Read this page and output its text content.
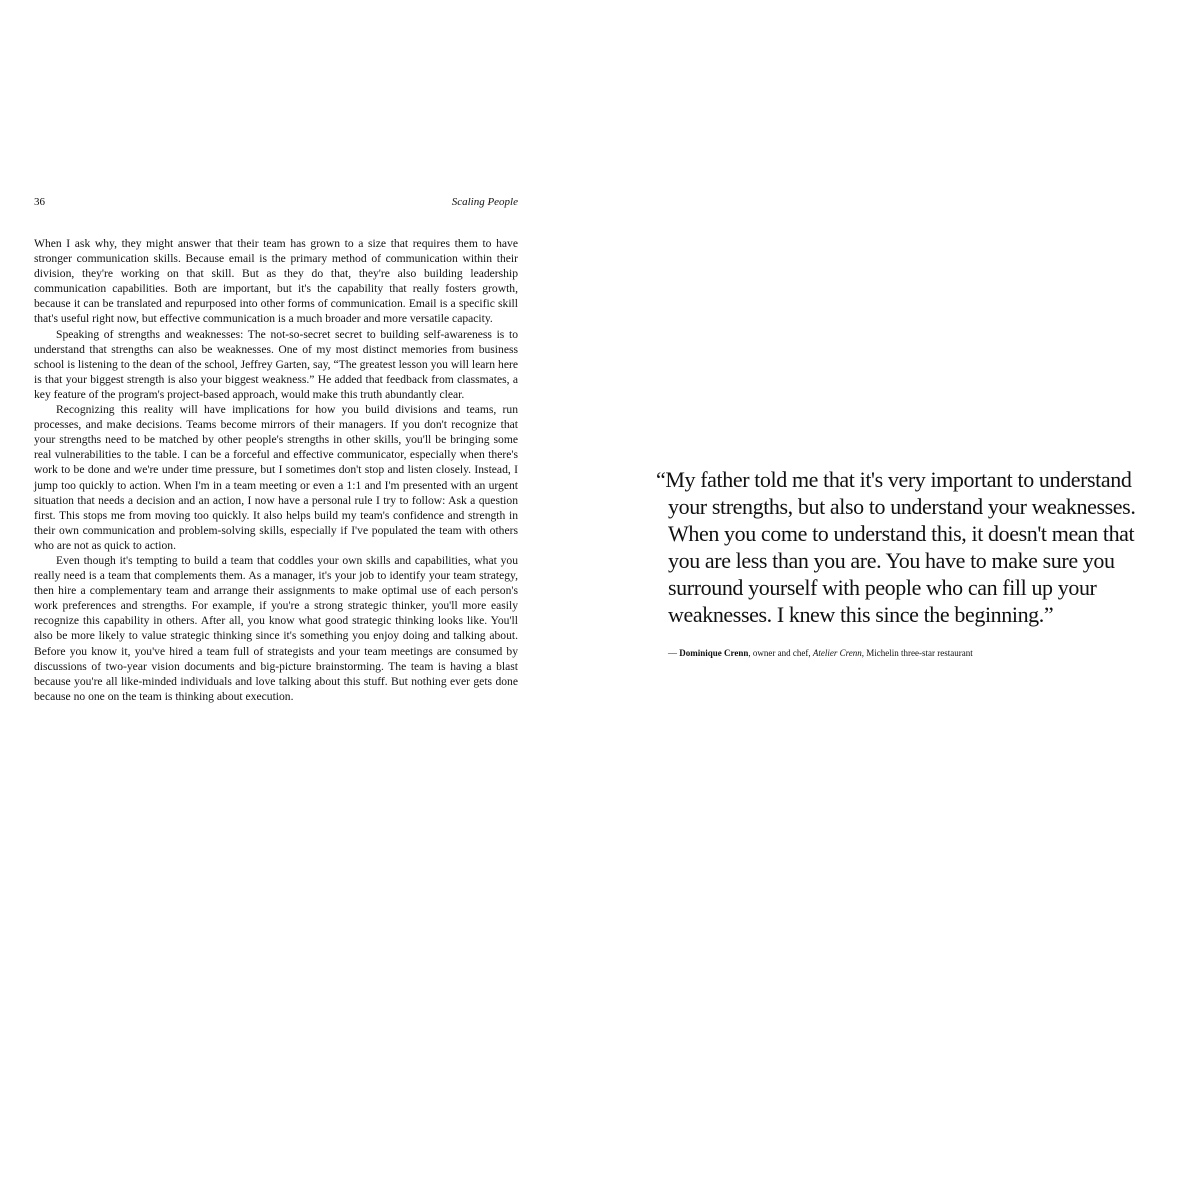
36	Scaling People

When I ask why, they might answer that their team has grown to a size that requires them to have stronger communication skills. Because email is the primary method of communication within their division, they're working on that skill. But as they do that, they're also building leadership communication capabilities. Both are important, but it's the capability that really fosters growth, because it can be translated and repurposed into other forms of communication. Email is a specific skill that's useful right now, but effective communication is a much broader and more versatile capacity.

Speaking of strengths and weaknesses: The not-so-secret secret to building self-awareness is to understand that strengths can also be weaknesses. One of my most distinct memories from business school is listening to the dean of the school, Jeffrey Garten, say, “The greatest lesson you will learn here is that your biggest strength is also your biggest weakness.” He added that feedback from classmates, a key feature of the program's project-based approach, would make this truth abundantly clear.

Recognizing this reality will have implications for how you build divisions and teams, run processes, and make decisions. Teams become mirrors of their managers. If you don't recognize that your strengths need to be matched by other people's strengths in other skills, you'll be bringing some real vulnerabilities to the table. I can be a forceful and effective communicator, especially when there's work to be done and we're under time pressure, but I sometimes don't stop and listen closely. Instead, I jump too quickly to action. When I'm in a team meeting or even a 1:1 and I'm presented with an urgent situation that needs a decision and an action, I now have a personal rule I try to follow: Ask a question first. This stops me from moving too quickly. It also helps build my team's confidence and strength in their own communication and problem-solving skills, especially if I've populated the team with others who are not as quick to action.

Even though it's tempting to build a team that coddles your own skills and capabilities, what you really need is a team that complements them. As a manager, it's your job to identify your team strategy, then hire a complementary team and arrange their assignments to make optimal use of each person's work preferences and strengths. For example, if you're a strong strategic thinker, you'll more easily recognize this capability in others. After all, you know what good strategic thinking looks like. You'll also be more likely to value strategic thinking since it's something you enjoy doing and talking about. Before you know it, you've hired a team full of strategists and your team meetings are consumed by discussions of two-year vision documents and big-picture brainstorming. The team is having a blast because you're all like-minded individuals and love talking about this stuff. But nothing ever gets done because no one on the team is thinking about execution.

“My father told me that it's very important to understand your strengths, but also to understand your weaknesses. When you come to understand this, it doesn't mean that you are less than you are. You have to make sure you surround yourself with people who can fill up your weaknesses. I knew this since the beginning.”

— Dominique Crenn, owner and chef, Atelier Crenn, Michelin three-star restaurant
